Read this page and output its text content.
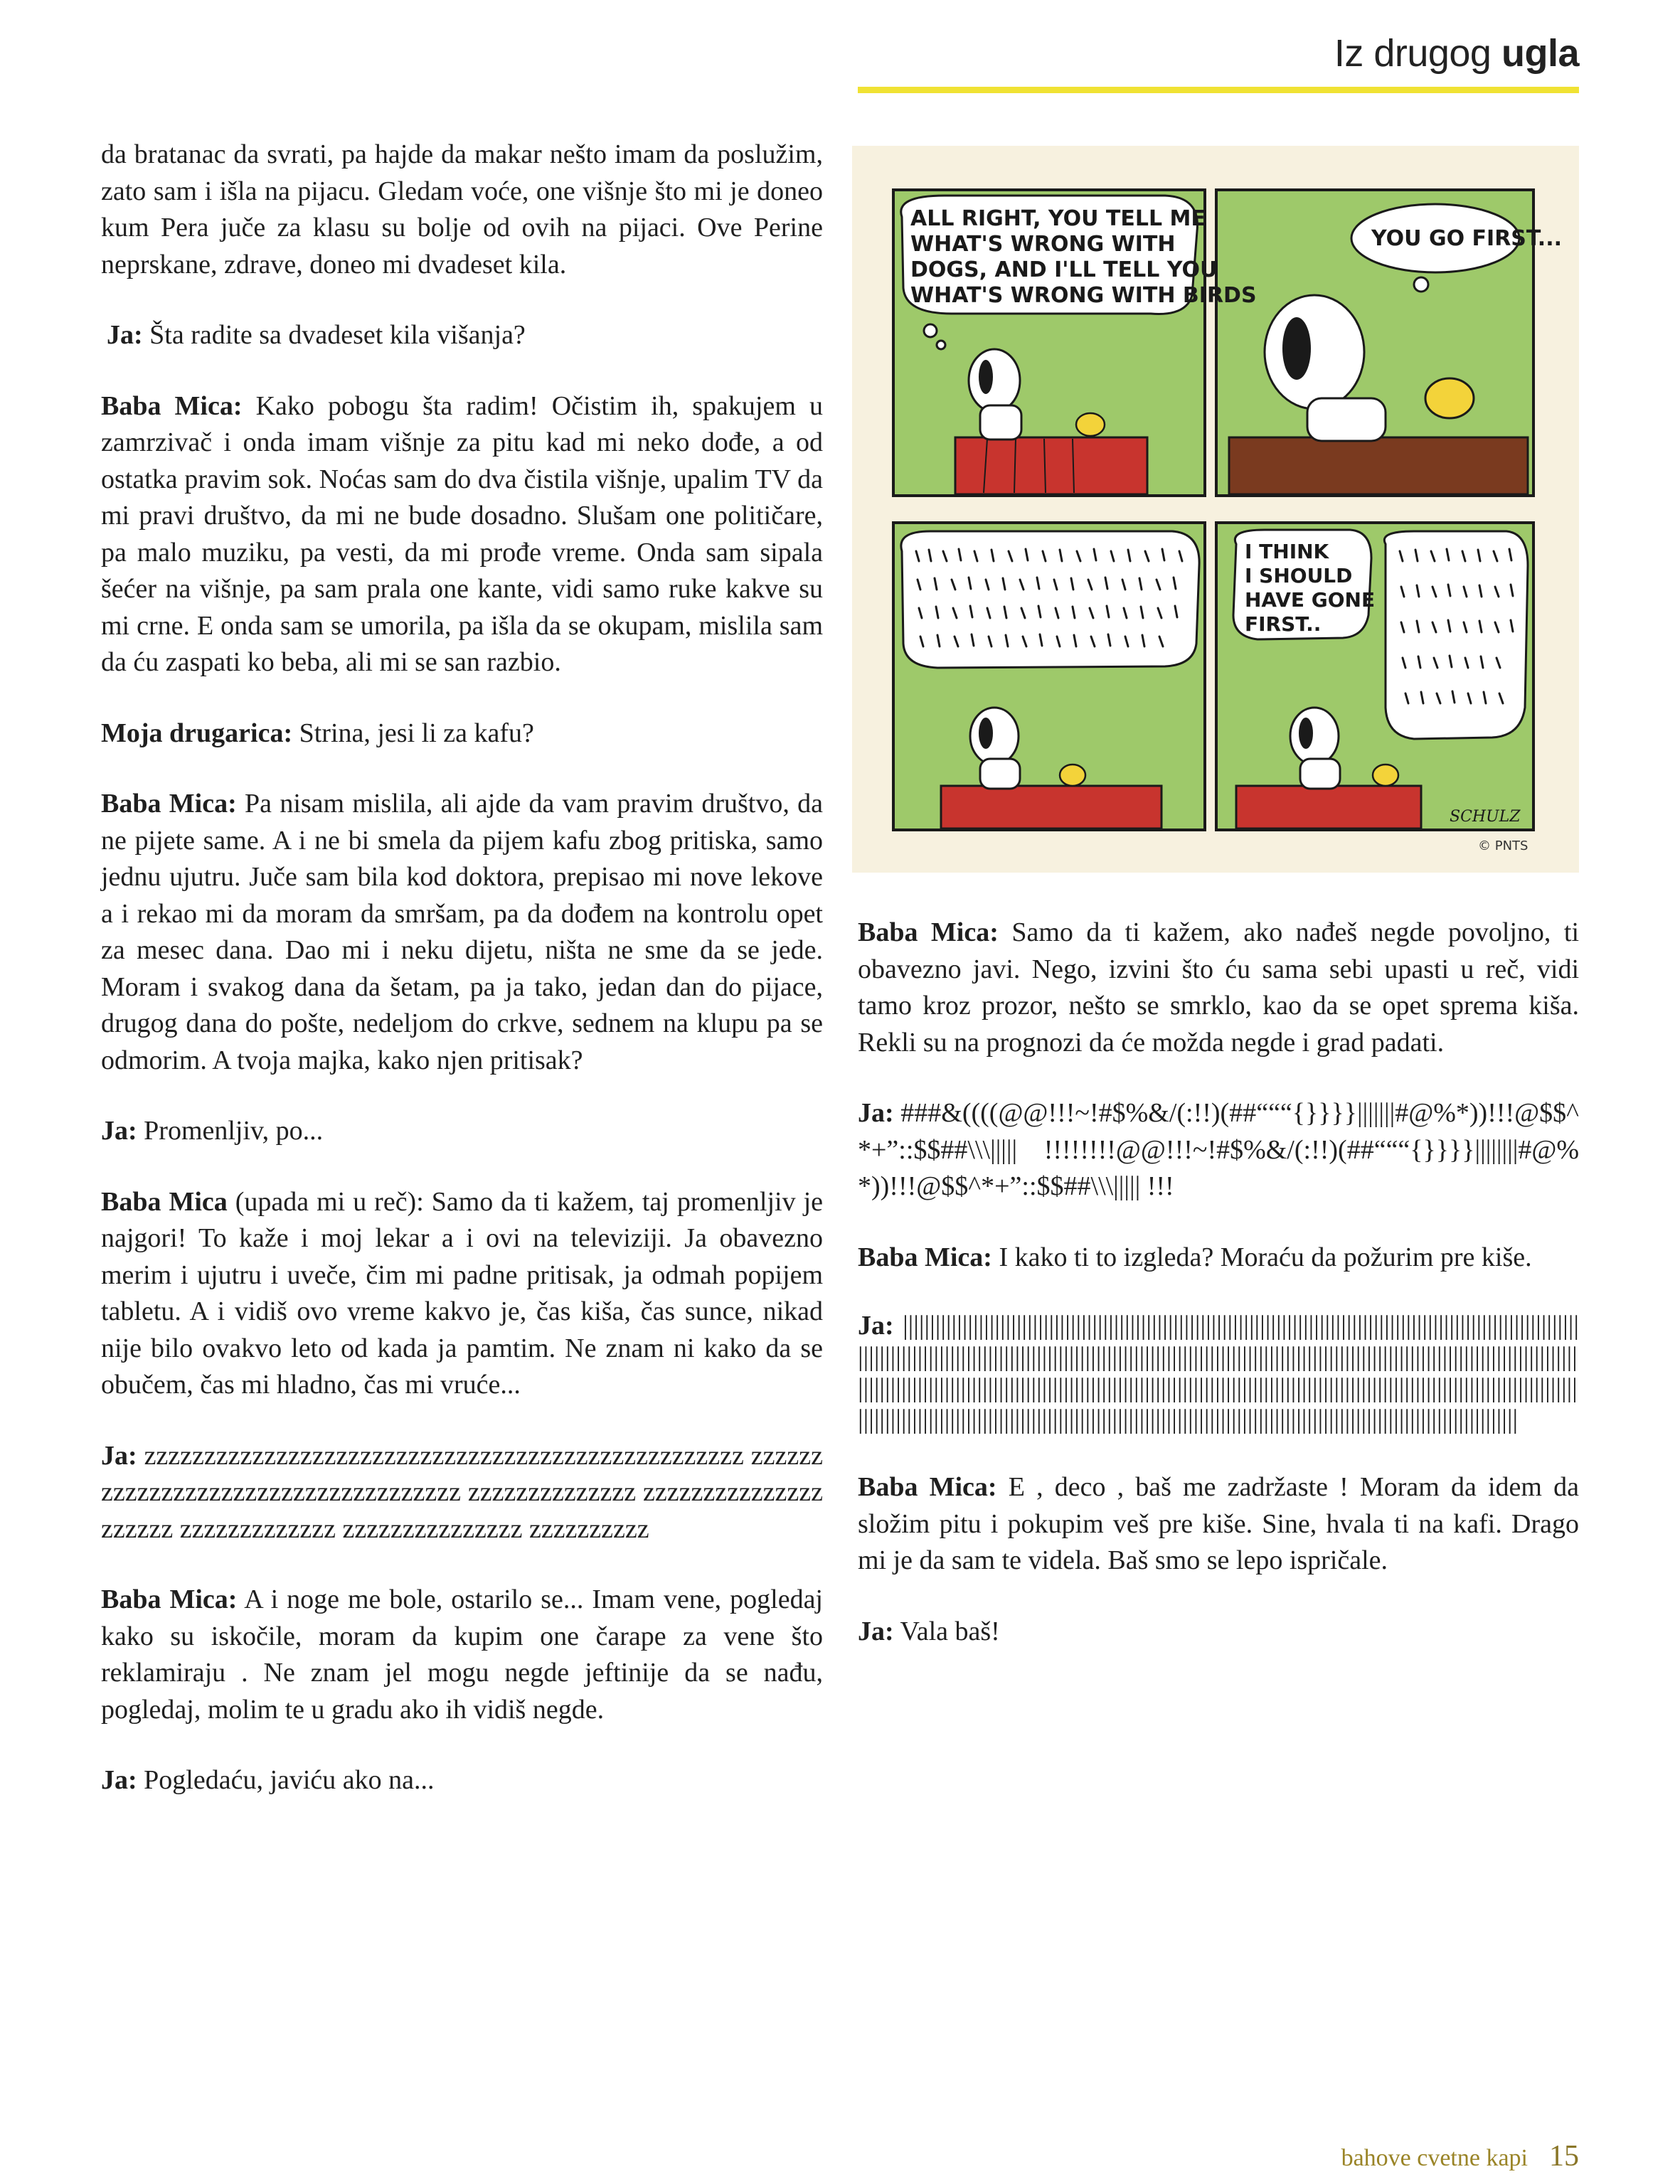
Iz drugog ugla

da bratanac da svrati, pa hajde da makar nešto imam da poslužim, zato sam i išla na pijacu. Gledam voće, one višnje što mi je doneo kum Pera juče za klasu su bolje od ovih na pijaci. Ove Perine neprskane, zdrave, doneo mi dvadeset kila.

Ja: Šta radite sa dvadeset kila višanja?

Baba Mica: Kako pobogu šta radim! Očistim ih, spakujem u zamrzivač i onda imam višnje za pitu kad mi neko dođe, a od ostatka pravim sok. Noćas sam do dva čistila višnje, upalim TV da mi pravi društvo, da mi ne bude dosadno. Slušam one političare, pa malo muziku, pa vesti, da mi prođe vreme. Onda sam sipala šećer na višnje, pa sam prala one kante, vidi samo ruke kakve su mi crne. E onda sam se umorila, pa išla da se okupam, mislila sam da ću zaspati ko beba, ali mi se san razbio.

Moja drugarica: Strina, jesi li za kafu?

Baba Mica: Pa nisam mislila, ali ajde da vam pravim društvo, da ne pijete same. A i ne bi smela da pijem kafu zbog pritiska, samo jednu ujutru. Juče sam bila kod doktora, prepisao mi nove lekove a i rekao mi da moram da smršam, pa da dođem na kontrolu opet za mesec dana. Dao mi i neku dijetu, ništa ne sme da se jede. Moram i svakog dana da šetam, pa ja tako, jedan dan do pijace, drugog dana do pošte, nedeljom do crkve, sednem na klupu pa se odmorim. A tvoja majka, kako njen pritisak?

Ja: Promenljiv, po...

Baba Mica (upada mi u reč): Samo da ti kažem, taj promenljiv je najgori! To kaže i moj lekar a i ovi na televiziji. Ja obavezno merim i ujutru i uveče, čim mi padne pritisak, ja odmah popijem tabletu. A i vidiš ovo vreme kakvo je, čas kiša, čas sunce, nikad nije bilo ovakvo leto od kada ja pamtim. Ne znam ni kako da se obučem, čas mi hladno, čas mi vruće...

Ja: zzzzzzzzzzzzzzzzzzzzzzzzzzzzzzzzzzzzzzzzzzzzzzzzzz zzzzzzzzzzzzzzzzzzzzzzzzzzzzzzzzzzzz zzzzzzzzzzzzzz zzzzzzzzzzzzzzzzzzzzz zzzzzzzzzzzzz zzzzzzzzzzzzzzz zzzzzzzzzz

Baba Mica: A i noge me bole, ostarilo se... Imam vene, pogledaj kako su iskočile, moram da kupim one čarape za vene što reklamiraju . Ne znam jel mogu negde jeftinije da se nađu, pogledaj, molim te u gradu ako ih vidiš negde.

Ja: Pogledaću, javiću ako na...

ALL RIGHT, YOU TELL ME
WHAT'S WRONG WITH
DOGS, AND I'LL TELL YOU
WHAT'S WRONG WITH BIRDS
YOU GO FIRST...
I THINK
I SHOULD
HAVE GONE
FIRST..
SCHULZ
© PNTS

Baba Mica: Samo da ti kažem, ako nađeš negde povoljno, ti obavezno javi. Nego, izvini što ću sama sebi upasti u reč, vidi tamo kroz prozor, nešto se smrklo, kao da se opet sprema kiša. Rekli su na prognozi da će možda negde i grad padati.

Ja: ###&((((@@!!!~!#$%&/(:!!)(##“““{}}}}|||||||#@%*))!!!@$$^*+”::$$##\\\||||| !!!!!!!!@@!!!~!#$%&/(:!!)(##“““{}}}}||||||||#@%*))!!!@$$^*+”::$$##\\\||||| !!!

Baba Mica: I kako ti to izgleda? Moraću da požurim pre kiše.

Ja: |||||||||||||||||||||||||||||||||||||||||||||||||||||||||||||||||||||||||||||||||||||||||||||||||||||||||||||||||||||||||||||||||||||||||||||||||||||||||||||||||||||||||||||||||||||||||||||||||||||||||||||||||||||||||||||||||||||||||||||||||||||||||||||||||||||||||||||||||||||||||||||||||||||||||||||||||||||||||||||||||||||||||||||||||||||||||||||||||||||||||||||||||||||||||||||||||||||||||||||||||||||||||||||||||||||||||||||||||||||||||||||||||||||||||||||||||||||||||||||||||||||||||||||||||||||||||||||||||

Baba Mica: E , deco , baš me zadržaste ! Moram da idem da složim pitu i pokupim veš pre kiše. Sine, hvala ti na kafi. Drago mi je da sam te videla. Baš smo se lepo ispričale.

Ja: Vala baš!

bahove cvetne kapi 15
